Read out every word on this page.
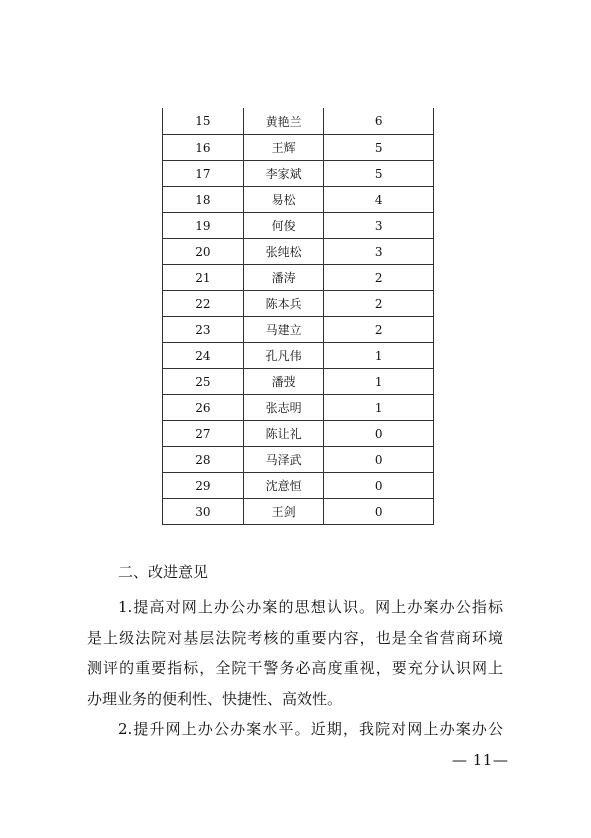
15	黄艳兰	6
16	王辉	5
17	李家斌	5
18	易松	4
19	何俊	3
20	张纯松	3
21	潘涛	2
22	陈本兵	2
23	马建立	2
24	孔凡伟	1
25	潘弢	1
26	张志明	1
27	陈让礼	0
28	马泽武	0
29	沈意恒	0
30	王剑	0
二、改进意见
1.提高对网上办公办案的思想认识。网上办案办公指标
是上级法院对基层法院考核的重要内容，也是全省营商环境
测评的重要指标，全院干警务必高度重视，要充分认识网上
办理业务的便利性、快捷性、高效性。
2.提升网上办公办案水平。近期，我院对网上办案办公
— 11—
